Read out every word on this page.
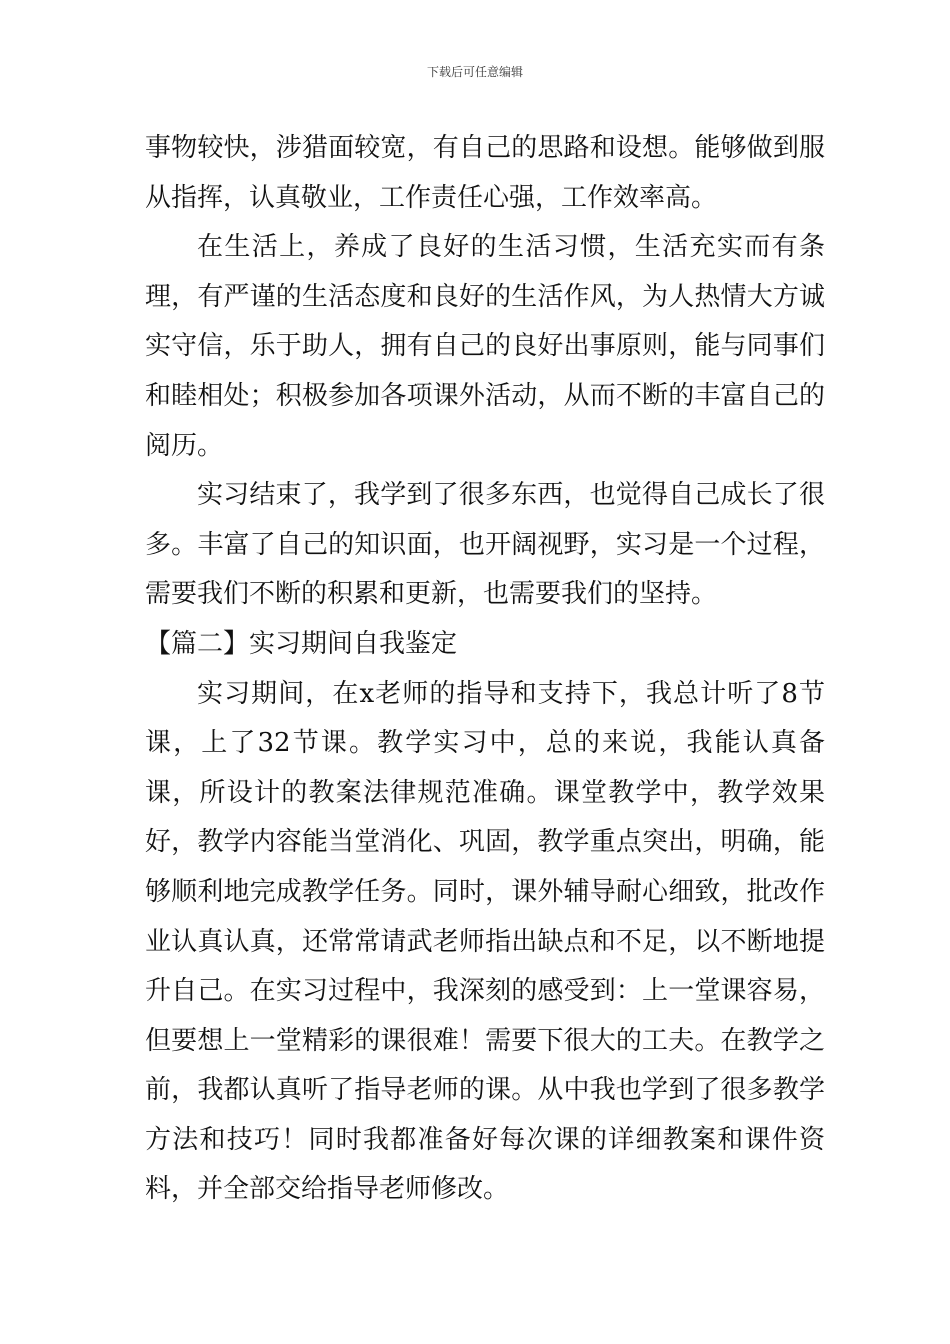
下载后可任意编辑

事物较快，涉猎面较宽，有自己的思路和设想。能够做到服从指挥，认真敬业，工作责任心强，工作效率高。

在生活上，养成了良好的生活习惯，生活充实而有条理，有严谨的生活态度和良好的生活作风，为人热情大方诚实守信，乐于助人，拥有自己的良好出事原则，能与同事们和睦相处；积极参加各项课外活动，从而不断的丰富自己的阅历。

实习结束了，我学到了很多东西，也觉得自己成长了很多。丰富了自己的知识面，也开阔视野，实习是一个过程，需要我们不断的积累和更新，也需要我们的坚持。

【篇二】实习期间自我鉴定

实习期间，在x老师的指导和支持下，我总计听了8节课，上了32节课。教学实习中，总的来说，我能认真备课，所设计的教案法律规范准确。课堂教学中，教学效果好，教学内容能当堂消化、巩固，教学重点突出，明确，能够顺利地完成教学任务。同时，课外辅导耐心细致，批改作业认真认真，还常常请武老师指出缺点和不足，以不断地提升自己。在实习过程中，我深刻的感受到：上一堂课容易，但要想上一堂精彩的课很难！需要下很大的工夫。在教学之前，我都认真听了指导老师的课。从中我也学到了很多教学方法和技巧！同时我都准备好每次课的详细教案和课件资料，并全部交给指导老师修改。
